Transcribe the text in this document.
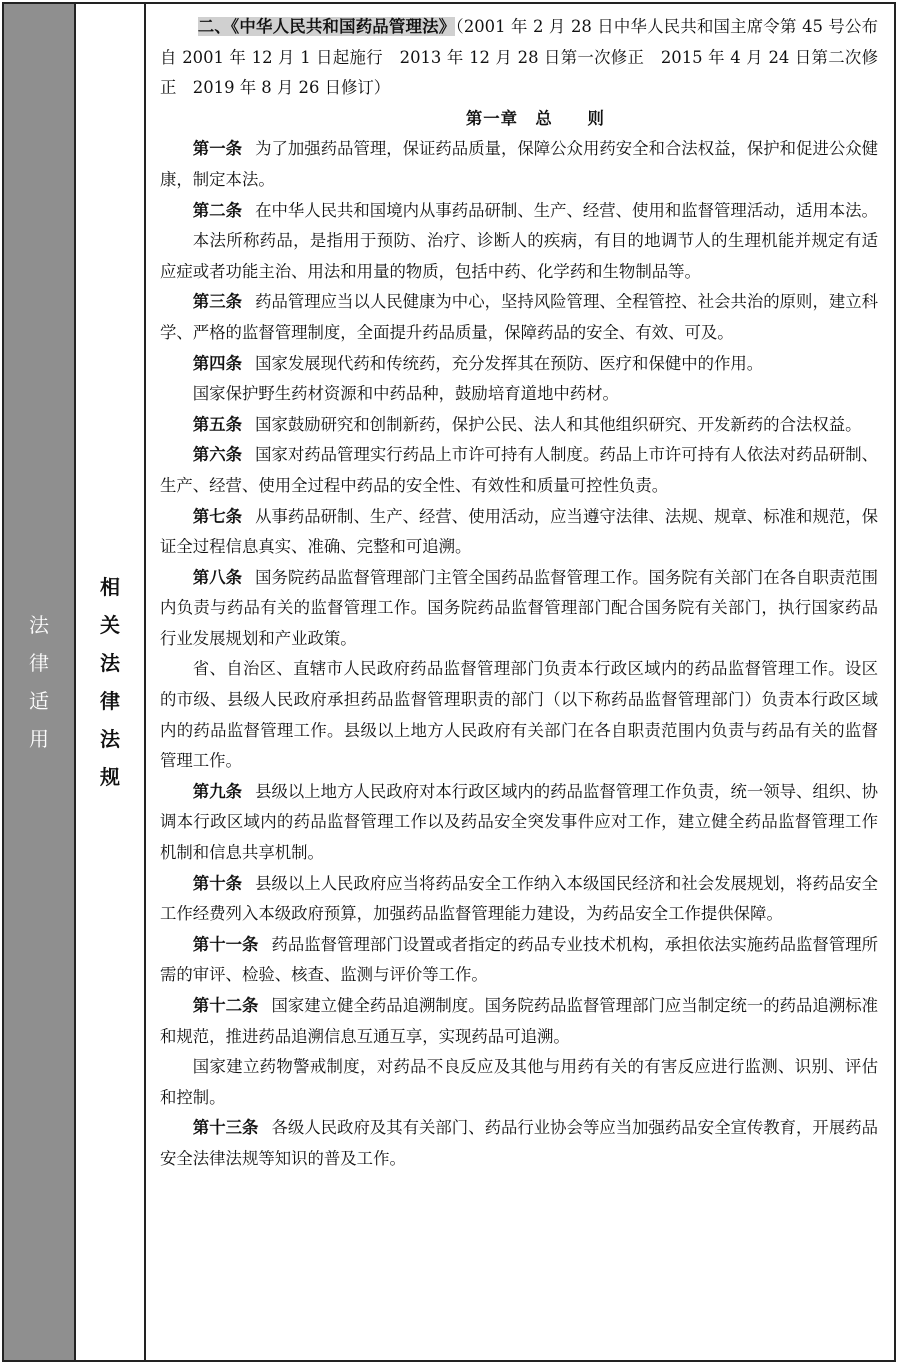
法
律
适
用
相
关
法
律
法
规

二、《中华人民共和国药品管理法》（2001 年 2 月 28 日中华人民共和国主席令第 45 号公布　自 2001 年 12 月 1 日起施行　2013 年 12 月 28 日第一次修正　2015 年 4 月 24 日第二次修正　2019 年 8 月 26 日修订）

第一章　总　　则

第一条 为了加强药品管理，保证药品质量，保障公众用药安全和合法权益，保护和促进公众健康，制定本法。

第二条 在中华人民共和国境内从事药品研制、生产、经营、使用和监督管理活动，适用本法。

本法所称药品，是指用于预防、治疗、诊断人的疾病，有目的地调节人的生理机能并规定有适应症或者功能主治、用法和用量的物质，包括中药、化学药和生物制品等。

第三条 药品管理应当以人民健康为中心，坚持风险管理、全程管控、社会共治的原则，建立科学、严格的监督管理制度，全面提升药品质量，保障药品的安全、有效、可及。

第四条 国家发展现代药和传统药，充分发挥其在预防、医疗和保健中的作用。

国家保护野生药材资源和中药品种，鼓励培育道地中药材。

第五条 国家鼓励研究和创制新药，保护公民、法人和其他组织研究、开发新药的合法权益。

第六条 国家对药品管理实行药品上市许可持有人制度。药品上市许可持有人依法对药品研制、生产、经营、使用全过程中药品的安全性、有效性和质量可控性负责。

第七条 从事药品研制、生产、经营、使用活动，应当遵守法律、法规、规章、标准和规范，保证全过程信息真实、准确、完整和可追溯。

第八条 国务院药品监督管理部门主管全国药品监督管理工作。国务院有关部门在各自职责范围内负责与药品有关的监督管理工作。国务院药品监督管理部门配合国务院有关部门，执行国家药品行业发展规划和产业政策。

省、自治区、直辖市人民政府药品监督管理部门负责本行政区域内的药品监督管理工作。设区的市级、县级人民政府承担药品监督管理职责的部门（以下称药品监督管理部门）负责本行政区域内的药品监督管理工作。县级以上地方人民政府有关部门在各自职责范围内负责与药品有关的监督管理工作。

第九条 县级以上地方人民政府对本行政区域内的药品监督管理工作负责，统一领导、组织、协调本行政区域内的药品监督管理工作以及药品安全突发事件应对工作，建立健全药品监督管理工作机制和信息共享机制。

第十条 县级以上人民政府应当将药品安全工作纳入本级国民经济和社会发展规划，将药品安全工作经费列入本级政府预算，加强药品监督管理能力建设，为药品安全工作提供保障。

第十一条 药品监督管理部门设置或者指定的药品专业技术机构，承担依法实施药品监督管理所需的审评、检验、核查、监测与评价等工作。

第十二条 国家建立健全药品追溯制度。国务院药品监督管理部门应当制定统一的药品追溯标准和规范，推进药品追溯信息互通互享，实现药品可追溯。

国家建立药物警戒制度，对药品不良反应及其他与用药有关的有害反应进行监测、识别、评估和控制。

第十三条 各级人民政府及其有关部门、药品行业协会等应当加强药品安全宣传教育，开展药品安全法律法规等知识的普及工作。
